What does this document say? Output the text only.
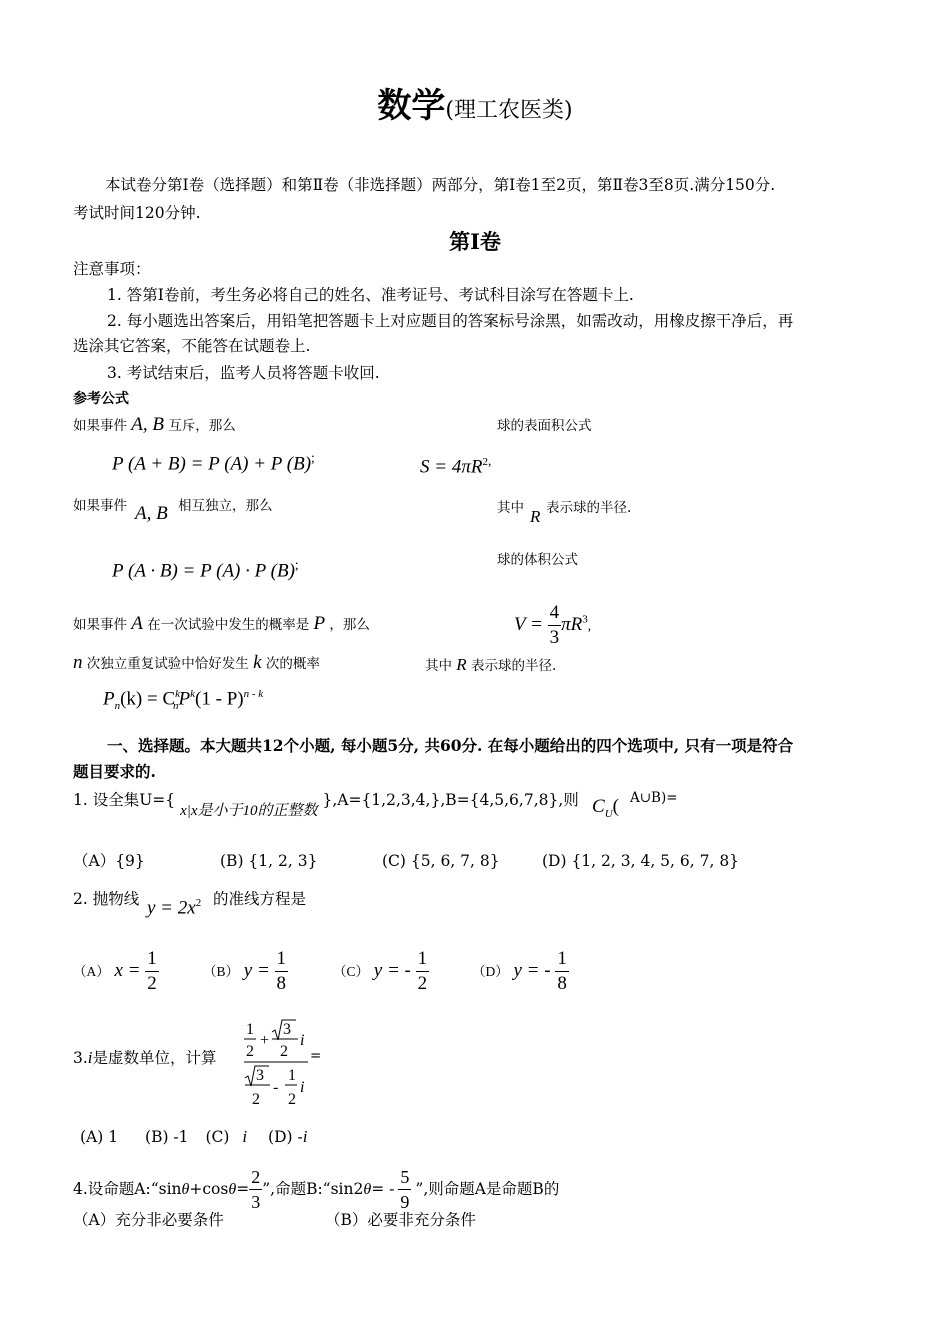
数学(理工农医类)
本试卷分第Ⅰ卷（选择题）和第Ⅱ卷（非选择题）两部分，第Ⅰ卷1至2页，第Ⅱ卷3至8页.满分150分.
考试时间120分钟.
第Ⅰ卷
注意事项：
1. 答第Ⅰ卷前，考生务必将自己的姓名、准考证号、考试科目涂写在答题卡上.
2. 每小题选出答案后，用铅笔把答题卡上对应题目的答案标号涂黑，如需改动，用橡皮擦干净后，再
选涂其它答案，不能答在试题卷上.
3. 考试结束后，监考人员将答题卡收回.
参考公式
如果事件 A, B 互斥，那么
P (A + B) = P (A) + P (B);
球的表面积公式
$S = 4\pi R^{2,}$
如果事件 A, B 相互独立，那么	其中 R 表示球的半径.
球的体积公式
P (A · B) = P (A) · P (B);
如果事件 A 在一次试验中发生的概率是 P ，那么	$V = \frac{4}{3} \pi R^3$,
n 次独立重复试验中恰好发生 k 次的概率	其中 R 表示球的半径.
$P_n(k) = C^k_nP^k(1 - P)^{n - k}$
一、选择题。本大题共12个小题, 每小题5分, 共60分. 在每小题给出的四个选项中, 只有一项是符合
题目要求的.
1. 设全集U={ x|x是小于10的正整数 },A={1,2,3,4,},B={4,5,6,7,8},则 $C_U$( A∪B)=
（A）{9}	(B) {1, 2, 3}	(C) {5, 6, 7, 8}	(D) {1, 2, 3, 4, 5, 6, 7, 8}
2. 抛物线 $y = 2x^2$ 的准线方程是
（A） $x = \frac{1}{2}$	（B） $y = \frac{1}{8}$	（C） y = - $\frac{1}{2}$	（D） y = - $\frac{1}{8}$
3.i是虚数单位，计算
1
2
+
3
2
i
3
2
-
1
2
i
=
(A) 1 (B) -1 (C) i (D) -i
4.设命题A:“sin θ +cos $\theta = \frac{2}{3}$ ”,命题B:“sin2 θ = - $\frac{5}{9}$ ”,则命题A是命题B的
（A）充分非必要条件	（B）必要非充分条件
